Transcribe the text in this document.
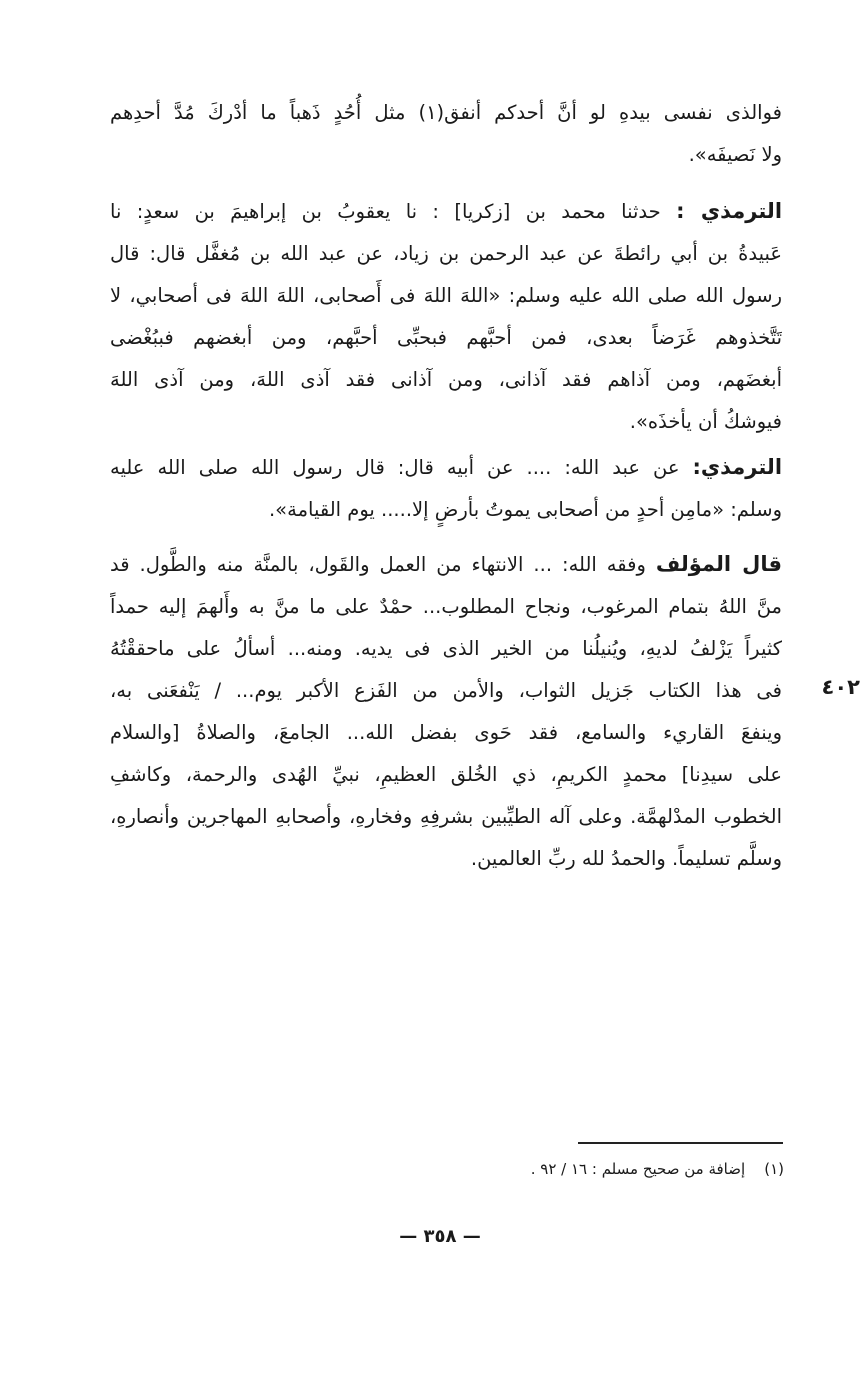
فوالذى نفسى بيدهِ لو أنَّ أحدكم أنفق(١) مثل أُحُدٍ ذَهباً ما أدْركَ مُدَّ أحدِهم
ولا نَصيفَه».
الترمذي : حدثنا محمد بن [زكريا] : نا يعقوبُ بن إبراهيمَ بن سعدٍ: نا
عَبيدةُ بن أبي رائطةَ عن عبد الرحمن بن زياد، عن عبد الله بن مُغفَّل قال: قال
رسول الله صلى الله عليه وسلم: «اللهَ اللهَ فى أَصحابى، اللهَ اللهَ فى أصحابي، لا
تَتَّخذوهم غَرَضاً بعدى، فمن أحبَّهم فبحبِّى أحبَّهم، ومن أبغضهم فببُغْضى
أبغضَهم، ومن آذاهم فقد آذانى، ومن آذانى فقد آذى اللهَ، ومن آذى اللهَ
فيوشكُ أن يأخذَه».
الترمذي: عن عبد الله: .... عن أبيه قال: قال رسول الله صلى الله عليه
وسلم: «مامِن أحدٍ من أصحابى يموتُ بأرضٍ إلا..... يوم القيامة».
قال المؤلف وفقه الله: ... الانتهاء من العمل والقَول، بالمنَّة منه والطَّول. قد
منَّ اللهُ بتمام المرغوب، ونجاح المطلوب... حمْدٌ على ما منَّ به وأَلهمَ إليه حمداً
كثيراً يَزْلفُ لديهِ، ويُنيلُنا من الخير الذى فى يديه. ومنه... أسألُ على ماحققْتُهُ
فى هذا الكتاب جَزيل الثواب، والأمن من الفَزع الأكبر يوم... / يَنْفعَنى به،
وينفعَ القاريء والسامع، فقد حَوى بفضل الله... الجامعَ، والصلاةُ [والسلام
على سيدِنا] محمدٍ الكريمِ، ذي الخُلق العظيمِ، نبيِّ الهُدى والرحمة، وكاشفِ
الخطوب المدْلهمَّة. وعلى آله الطيِّبين بشرفِهِ وفخارهِ، وأصحابهِ المهاجرين وأنصارهِ،
وسلَّم تسليماً. والحمدُ لله ربِّ العالمين.
٤٠٢
(١)    إضافة من صحيح مسلم : ١٦ / ٩٢ .
— ٣٥٨ —
